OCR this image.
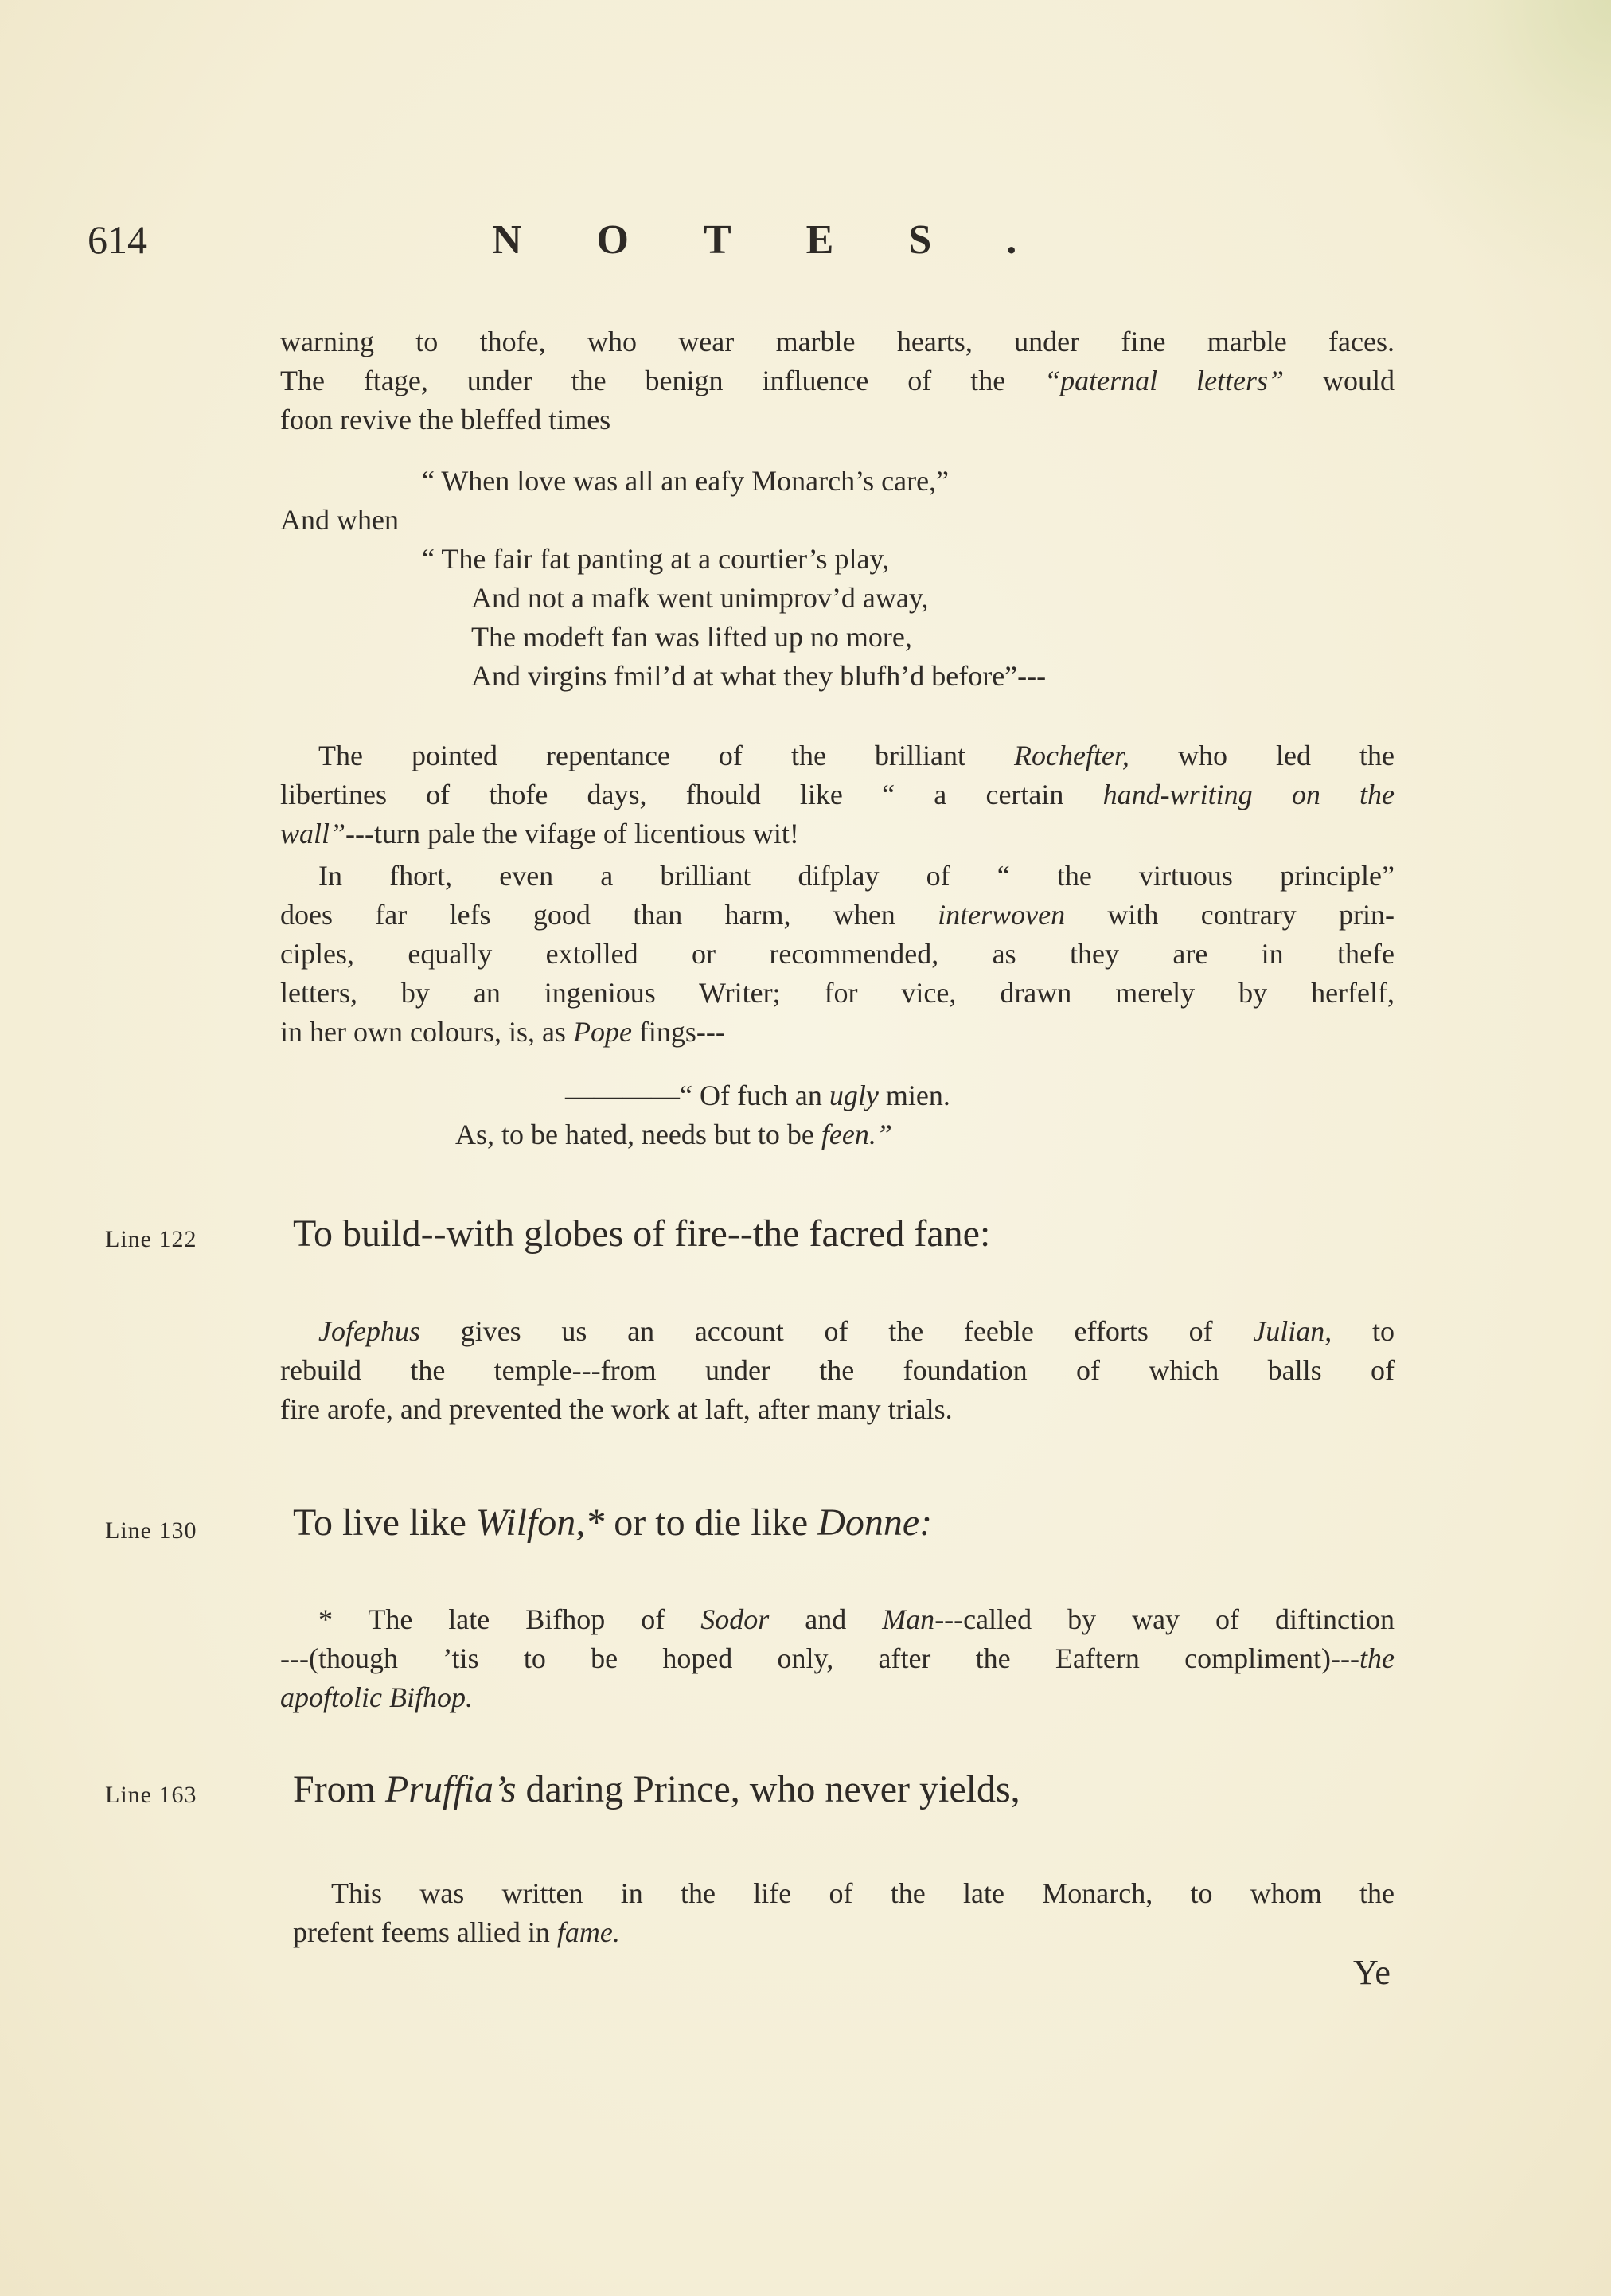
614	NOTES.

warning to thofe, who wear marble hearts, under fine marble faces.

The ftage, under the benign influence of the “paternal letters” would

foon revive the bleffed times

“ When love was all an eafy Monarch’s care,”
And when
“ The fair fat panting at a courtier’s play,
And not a mafk went unimprov’d away,
The modeft fan was lifted up no more,
And virgins fmil’d at what they blufh’d before”---

The pointed repentance of the brilliant Rochefter, who led the

libertines of thofe days, fhould like “ a certain hand-writing on the

wall”---turn pale the vifage of licentious wit!

In fhort, even a brilliant difplay of “ the virtuous principle”

does far lefs good than harm, when interwoven with contrary prin-

ciples, equally extolled or recommended, as they are in thefe

letters, by an ingenious Writer; for vice, drawn merely by herfelf,

in her own colours, is, as Pope fings---

————“ Of fuch an ugly mien.
As, to be hated, needs but to be feen.”
Line 122	To build--with globes of fire--the facred fane:

Jofephus gives us an account of the feeble efforts of Julian, to

rebuild the temple---from under the foundation of which balls of

fire arofe, and prevented the work at laft, after many trials.

Line 130	To live like Wilfon,* or to die like Donne:

* The late Bifhop of Sodor and Man---called by way of diftinction

---(though ’tis to be hoped only, after the Eaftern compliment)---the

apoftolic Bifhop.

Line 163	From Pruffia’s daring Prince, who never yields,

This was written in the life of the late Monarch, to whom the

prefent feems allied in fame.

Ye
